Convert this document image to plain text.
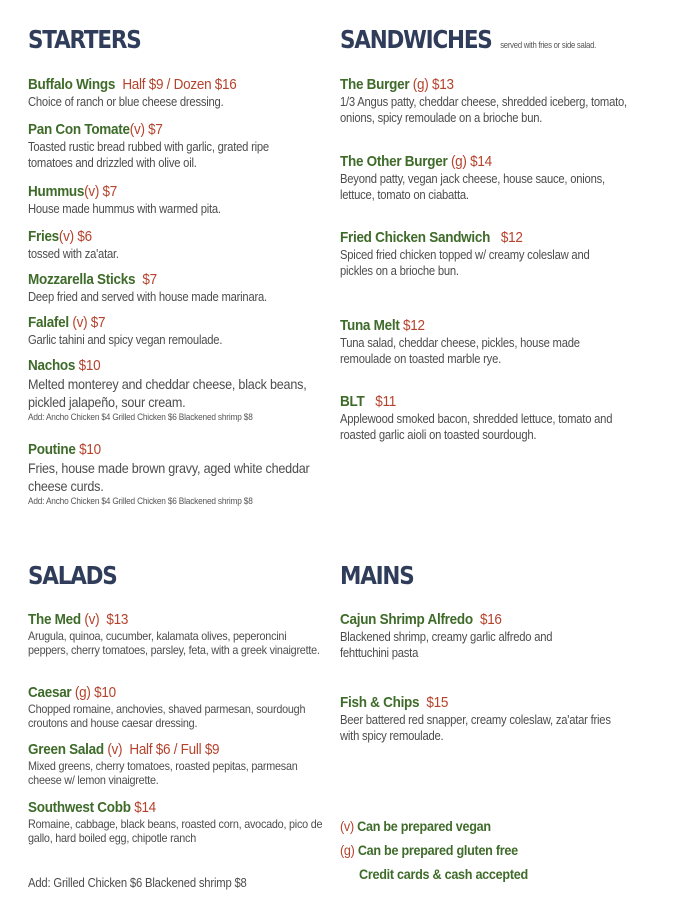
STARTERS
Buffalo Wings Half $9 / Dozen $16
Choice of ranch or blue cheese dressing.
Pan Con Tomate(v) $7
Toasted rustic bread rubbed with garlic, grated ripe tomatoes and drizzled with olive oil.
Hummus(v) $7
House made hummus with warmed pita.
Fries(v) $6
tossed with za'atar.
Mozzarella Sticks $7
Deep fried and served with house made marinara.
Falafel (v) $7
Garlic tahini and spicy vegan remoulade.
Nachos $10
Melted monterey and cheddar cheese, black beans, pickled jalapeño, sour cream.
Add: Ancho Chicken $4 Grilled Chicken $6 Blackened shrimp $8
Poutine $10
Fries, house made brown gravy, aged white cheddar cheese curds.
Add: Ancho Chicken $4 Grilled Chicken $6 Blackened shrimp $8
SANDWICHES served with fries or side salad.
The Burger (g) $13
1/3 Angus patty, cheddar cheese, shredded iceberg, tomato, onions, spicy remoulade on a brioche bun.
The Other Burger (g) $14
Beyond patty, vegan jack cheese, house sauce, onions, lettuce, tomato on ciabatta.
Fried Chicken Sandwich $12
Spiced fried chicken topped w/ creamy coleslaw and pickles on a brioche bun.
Tuna Melt $12
Tuna salad, cheddar cheese, pickles, house made remoulade on toasted marble rye.
BLT $11
Applewood smoked bacon, shredded lettuce, tomato and roasted garlic aioli on toasted sourdough.
SALADS
The Med (v) $13
Arugula, quinoa, cucumber, kalamata olives, peperoncini peppers, cherry tomatoes, parsley, feta, with a greek vinaigrette.
Caesar (g) $10
Chopped romaine, anchovies, shaved parmesan, sourdough croutons and house caesar dressing.
Green Salad (v) Half $6 / Full $9
Mixed greens, cherry tomatoes, roasted pepitas, parmesan cheese w/ lemon vinaigrette.
Southwest Cobb $14
Romaine, cabbage, black beans, roasted corn, avocado, pico de gallo, hard boiled egg, chipotle ranch
Add: Grilled Chicken $6 Blackened shrimp $8
MAINS
Cajun Shrimp Alfredo $16
Blackened shrimp, creamy garlic alfredo and fehttuchini pasta
Fish & Chips $15
Beer battered red snapper, creamy coleslaw, za'atar fries with spicy remoulade.
(v) Can be prepared vegan
(g) Can be prepared gluten free
Credit cards & cash accepted
